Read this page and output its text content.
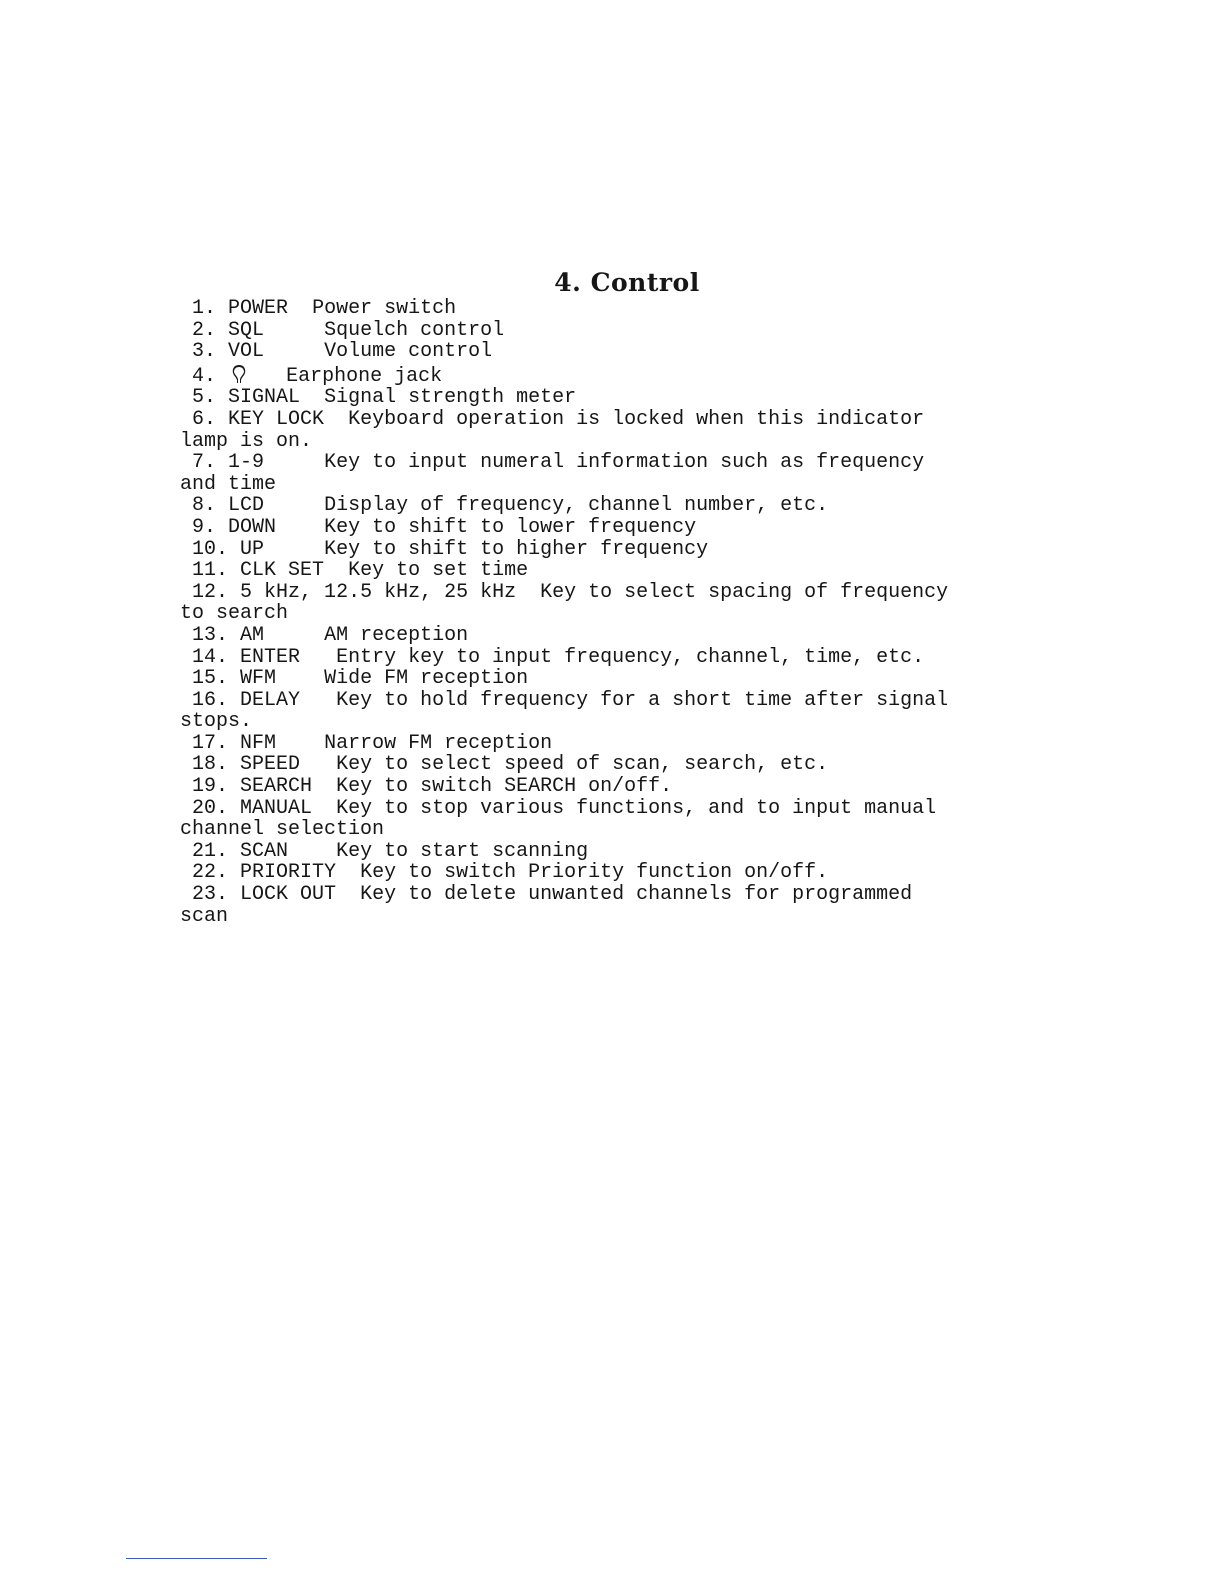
4. Control
1. POWER Power switch
2. SQL	Squelch control
3. VOL	Volume control
4.	Earphone jack
5. SIGNAL Signal strength meter
6. KEY LOCK Keyboard operation is locked when this indicator
lamp is on.
7. 1-9	Key to input numeral information such as frequency
and time
8. LCD	Display of frequency, channel number, etc.
9. DOWN Key to shift to lower frequency
10. UP	Key to shift to higher frequency
11. CLK SET Key to set time
12. 5 kHz, 12.5 kHz, 25 kHz Key to select spacing of frequency
to search
13. AM	AM reception
14. ENTER Entry key to input frequency, channel, time, etc.
15. WFM Wide FM reception
16. DELAY Key to hold frequency for a short time after signal
stops.
17. NFM Narrow FM reception
18. SPEED Key to select speed of scan, search, etc.
19. SEARCH Key to switch SEARCH on/off.
20. MANUAL Key to stop various functions, and to input manual
channel selection
21. SCAN Key to start scanning
22. PRIORITY Key to switch Priority function on/off.
23. LOCK OUT Key to delete unwanted channels for programmed
scan
